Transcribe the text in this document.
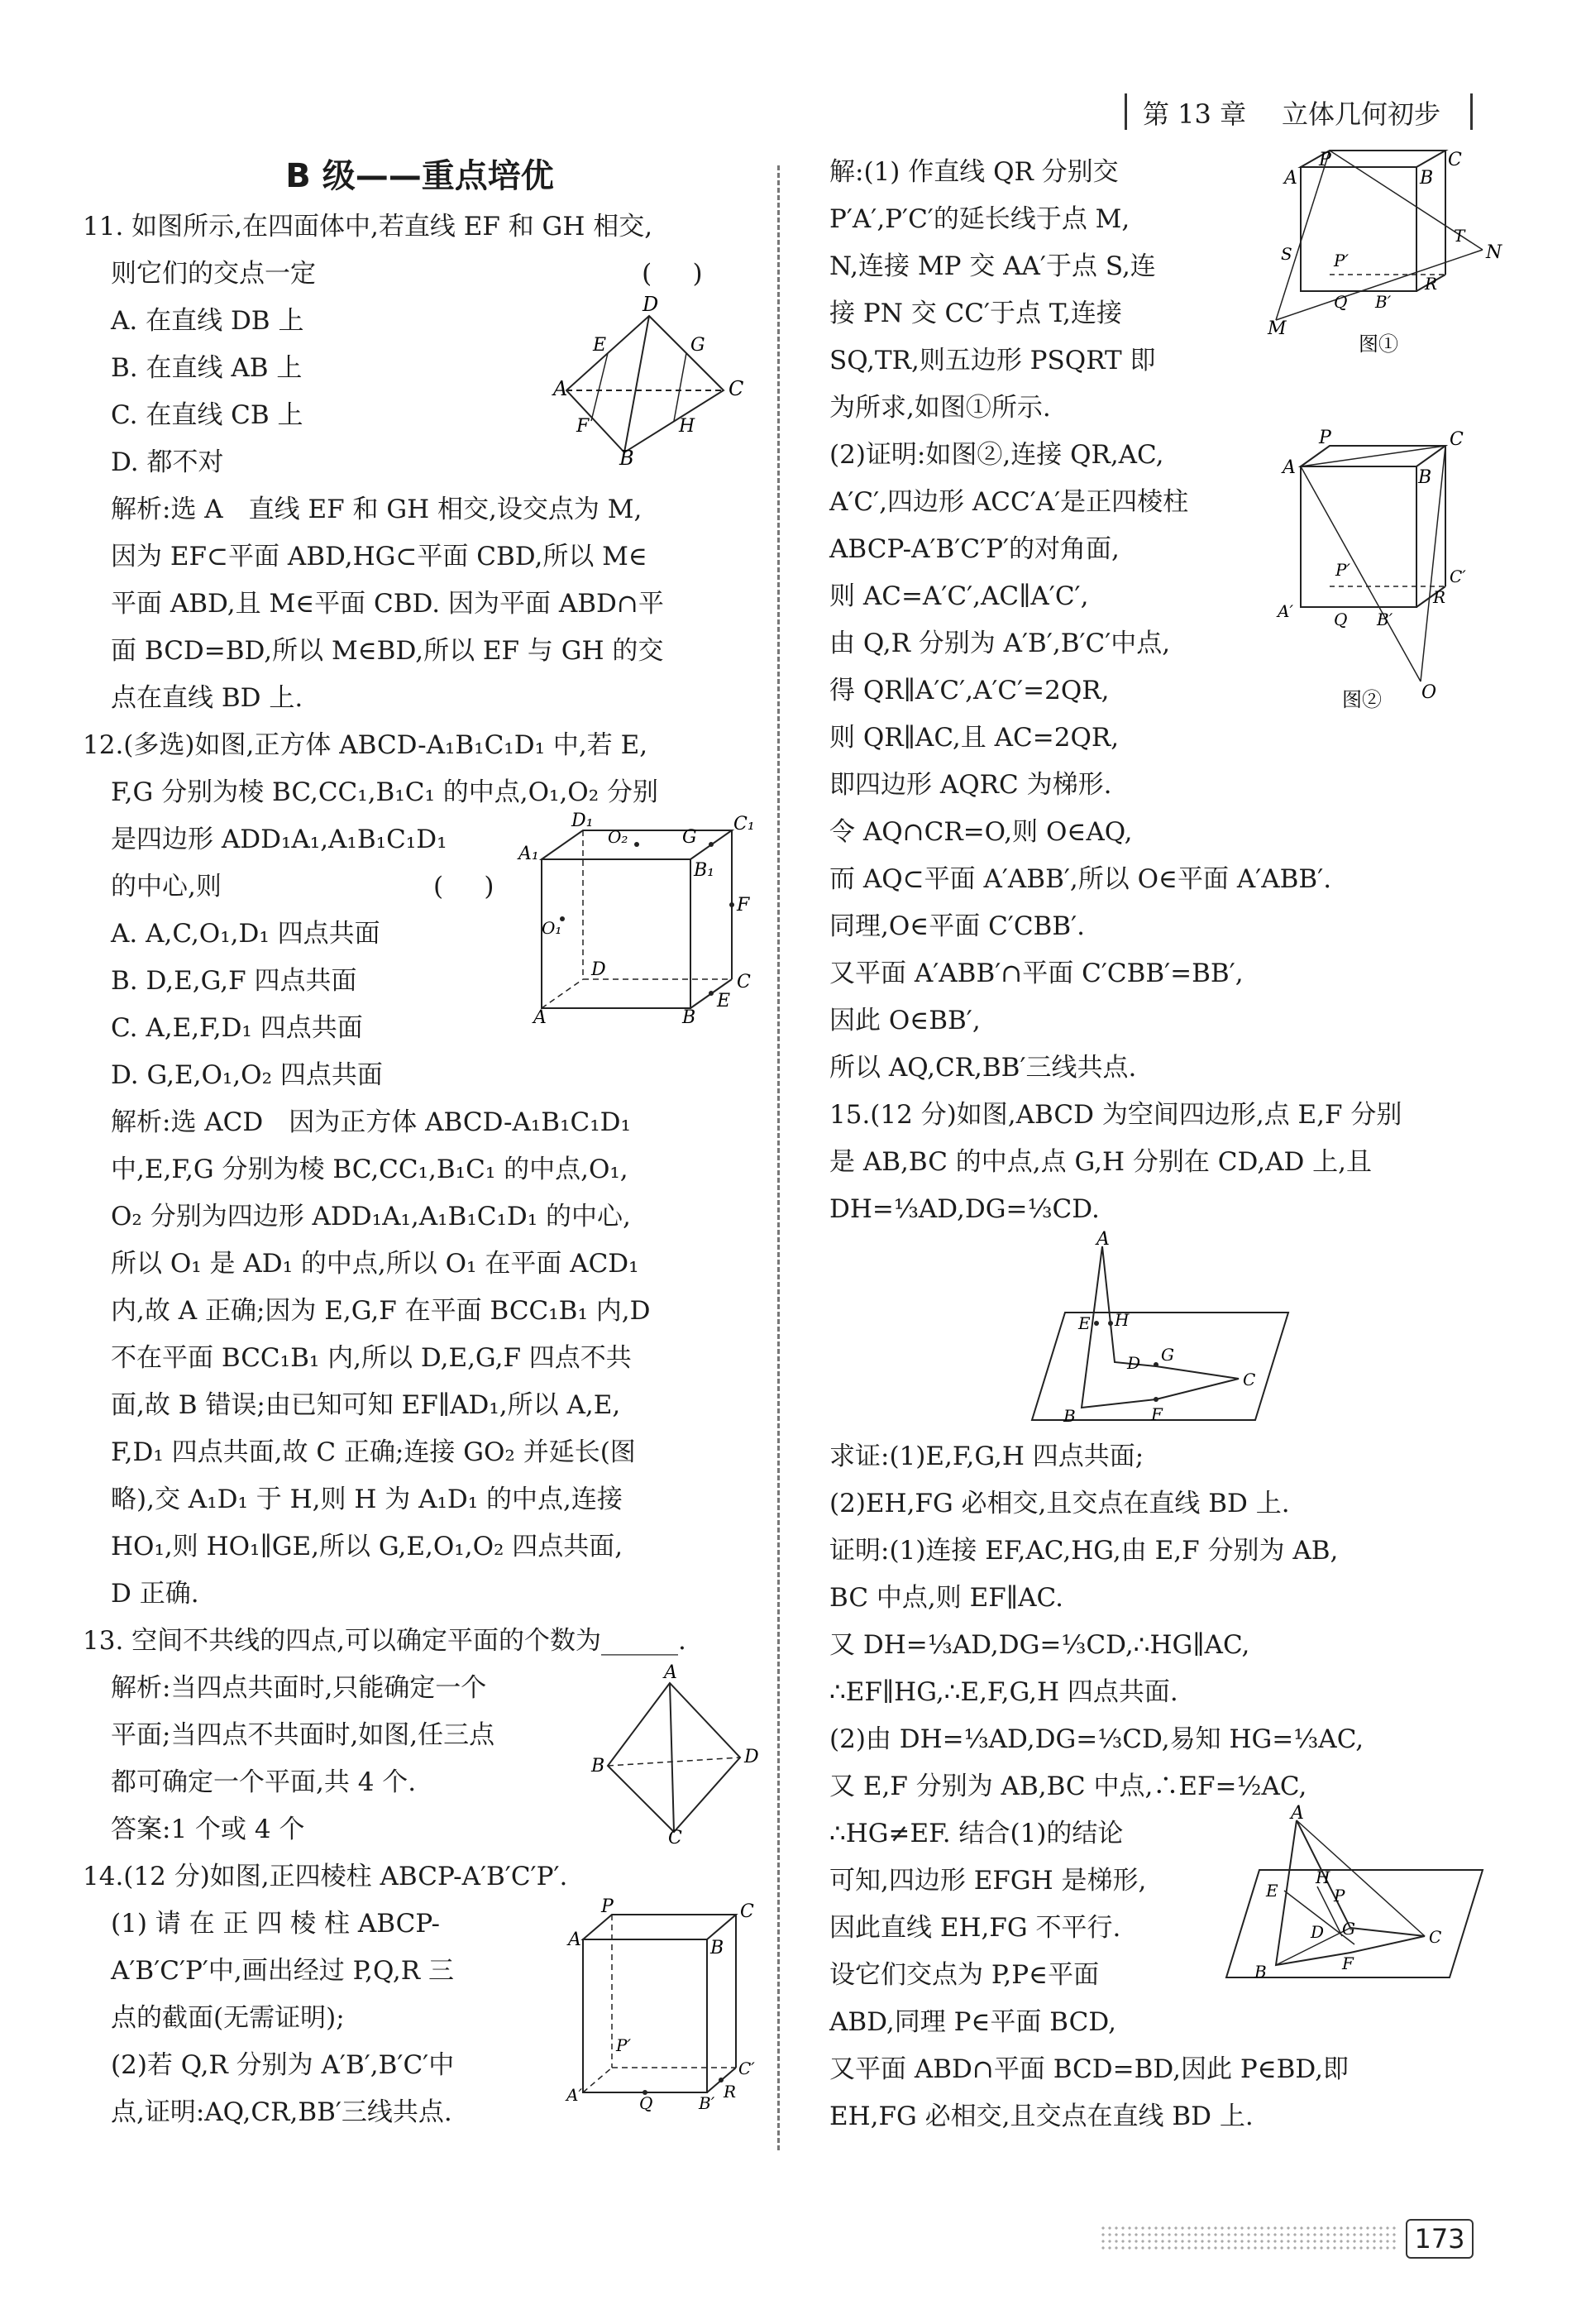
第 13 章 立体几何初步
B 级——重点培优

11. 如图所示,在四面体中,若直线 EF 和 GH 相交,

则它们的交点一定                                        (     )

D
A	C
B
E	G
F	H

A. 在直线 DB 上

B. 在直线 AB 上

C. 在直线 CB 上

D. 都不对

解析:选 A　直线 EF 和 GH 相交,设交点为 M,

因为 EF⊂平面 ABD,HG⊂平面 CBD,所以 M∈

平面 ABD,且 M∈平面 CBD. 因为平面 ABD∩平

面 BCD=BD,所以 M∈BD,所以 EF 与 GH 的交

点在直线 BD 上.

12.(多选)如图,正方体 ABCD-A₁B₁C₁D₁ 中,若 E,

F,G 分别为棱 BC,CC₁,B₁C₁ 的中点,O₁,O₂ 分别

A₁
D₁	C₁
B₁
O₂	G
F
O₁
D
C
A	B
E

是四边形 ADD₁A₁,A₁B₁C₁D₁

的中心,则                          (     )

A. A,C,O₁,D₁ 四点共面

B. D,E,G,F 四点共面

C. A,E,F,D₁ 四点共面

D. G,E,O₁,O₂ 四点共面

解析:选 ACD　因为正方体 ABCD-A₁B₁C₁D₁

中,E,F,G 分别为棱 BC,CC₁,B₁C₁ 的中点,O₁,

O₂ 分别为四边形 ADD₁A₁,A₁B₁C₁D₁ 的中心,

所以 O₁ 是 AD₁ 的中点,所以 O₁ 在平面 ACD₁

内,故 A 正确;因为 E,G,F 在平面 BCC₁B₁ 内,D

不在平面 BCC₁B₁ 内,所以 D,E,G,F 四点不共

面,故 B 错误;由已知可知 EF∥AD₁,所以 A,E,

F,D₁ 四点共面,故 C 正确;连接 GO₂ 并延长(图

略),交 A₁D₁ 于 H,则 H 为 A₁D₁ 的中点,连接

HO₁,则 HO₁∥GE,所以 G,E,O₁,O₂ 四点共面,

D 正确.

13. 空间不共线的四点,可以确定平面的个数为______.

A
B	D
C

解析:当四点共面时,只能确定一个

平面;当四点不共面时,如图,任三点

都可确定一个平面,共 4 个.

答案:1 个或 4 个

14.(12 分)如图,正四棱柱 ABCP-A′B′C′P′.

P	C
A	B
P′
C′
A′	Q
R
B′

(1) 请 在 正 四 棱 柱 ABCP-

A′B′C′P′中,画出经过 P,Q,R 三

点的截面(无需证明);

(2)若 Q,R 分别为 A′B′,B′C′中

点,证明:AQ,CR,BB′三线共点.

P	C
A	B
P′
T
N
S
M
Q B′
R
图①

解:(1) 作直线 QR 分别交

P′A′,P′C′的延长线于点 M,

N,连接 MP 交 AA′于点 S,连

接 PN 交 CC′于点 T,连接

SQ,TR,则五边形 PSQRT 即

为所求,如图①所示.

P	C
A	B
P′	C′
A′ Q B′
R
O
图②

(2)证明:如图②,连接 QR,AC,

A′C′,四边形 ACC′A′是正四棱柱

ABCP-A′B′C′P′的对角面,

则 AC=A′C′,AC∥A′C′,

由 Q,R 分别为 A′B′,B′C′中点,

得 QR∥A′C′,A′C′=2QR,

则 QR∥AC,且 AC=2QR,

即四边形 AQRC 为梯形.

令 AQ∩CR=O,则 O∈AQ,

而 AQ⊂平面 A′ABB′,所以 O∈平面 A′ABB′.

同理,O∈平面 C′CBB′.

又平面 A′ABB′∩平面 C′CBB′=BB′,

因此 O∈BB′,

所以 AQ,CR,BB′三线共点.

15.(12 分)如图,ABCD 为空间四边形,点 E,F 分别

是 AB,BC 的中点,点 G,H 分别在 CD,AD 上,且

DH=⅓AD,DG=⅓CD.

A
E H
D G
C
B	F

求证:(1)E,F,G,H 四点共面;

(2)EH,FG 必相交,且交点在直线 BD 上.

证明:(1)连接 EF,AC,HG,由 E,F 分别为 AB,

BC 中点,则 EF∥AC.

又 DH=⅓AD,DG=⅓CD,∴HG∥AC,

∴EF∥HG,∴E,F,G,H 四点共面.

(2)由 DH=⅓AD,DG=⅓CD,易知 HG=⅓AC,

又 E,F 分别为 AB,BC 中点,∴EF=½AC,

A
E
H
P
D G	C
B	F

∴HG≠EF. 结合(1)的结论

可知,四边形 EFGH 是梯形,

因此直线 EH,FG 不平行.

设它们交点为 P,P∈平面

ABD,同理 P∈平面 BCD,

又平面 ABD∩平面 BCD=BD,因此 P∈BD,即

EH,FG 必相交,且交点在直线 BD 上.

173
